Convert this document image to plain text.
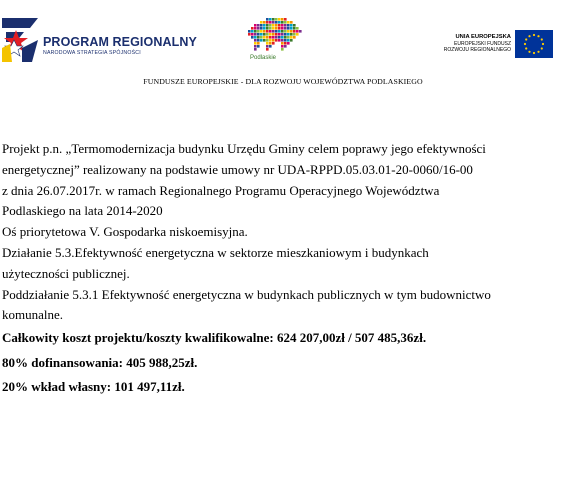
PROGRAM REGIONALNY
NARODOWA STRATEGIA SPÓJNOŚCI
Podlaskie
UNIA EUROPEJSKA
EUROPEJSKI FUNDUSZ
ROZWOJU REGIONALNEGO
FUNDUSZE EUROPEJSKIE - DLA ROZWOJU WOJEWÓDZTWA PODLASKIEGO

Projekt p.n. „Termomodernizacja budynku Urzędu Gminy celem poprawy jego efektywności

energetycznej” realizowany na podstawie umowy nr UDA-RPPD.05.03.01-20-0060/16-00

z dnia 26.07.2017r. w ramach Regionalnego Programu Operacyjnego Województwa

Podlaskiego na lata 2014-2020

Oś priorytetowa V. Gospodarka niskoemisyjna.

Działanie 5.3.Efektywność energetyczna w sektorze mieszkaniowym i budynkach

użyteczności publicznej.

Poddziałanie 5.3.1 Efektywność energetyczna w budynkach publicznych w tym budownictwo

komunalne.

Całkowity koszt projektu/koszty kwalifikowalne: 624 207,00zł / 507 485,36zł.

80% dofinansowania: 405 988,25zł.

20% wkład własny: 101 497,11zł.
